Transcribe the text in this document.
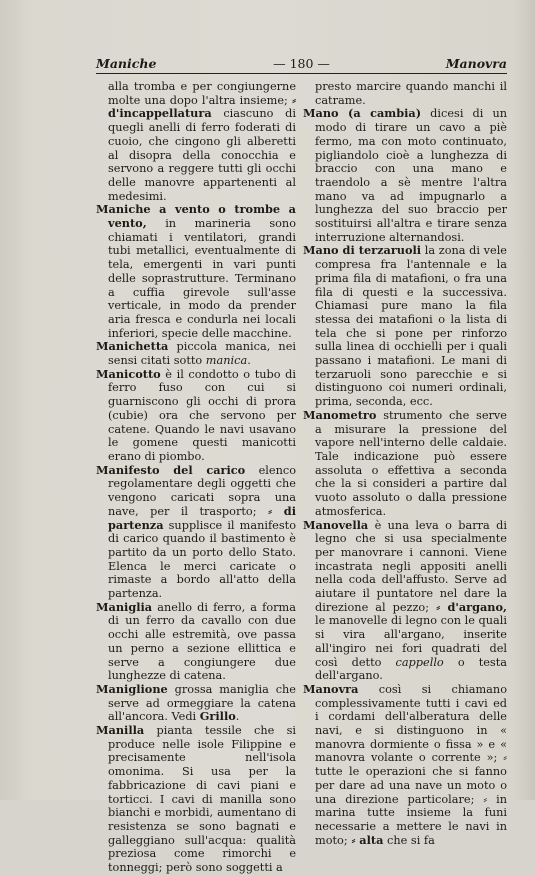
Maniche	— 180 —	Manovra

alla tromba e per congiungerne molte una dopo l'altra insieme; ⸗ d'incappellatura ciascuno di quegli anelli di ferro foderati di cuoio, che cingono gli alberetti al disopra della conocchia e servono a reggere tutti gli occhi delle manovre appartenenti al medesimi.

Maniche a vento o trombe a vento, in marineria sono chiamati i ventilatori, grandi tubi metallici, eventualmente di tela, emergenti in vari punti delle soprastrutture. Terminano a cuffia girevole sull'asse verticale, in modo da prender aria fresca e condurla nei locali inferiori, specie delle macchine.

Manichetta piccola manica, nei sensi citati sotto manica.

Manicotto è il condotto o tubo di ferro fuso con cui si guarniscono gli occhi di prora (cubie) ora che servono per catene. Quando le navi usavano le gomene questi manicotti erano di piombo.

Manifesto del carico elenco regolamentare degli oggetti che vengono caricati sopra una nave, per il trasporto; ⸗ di partenza supplisce il manifesto di carico quando il bastimento è partito da un porto dello Stato. Elenca le merci caricate o rimaste a bordo all'atto della partenza.

Maniglia anello di ferro, a forma di un ferro da cavallo con due occhi alle estremità, ove passa un perno a sezione ellittica e serve a congiungere due lunghezze di catena.

Maniglione grossa maniglia che serve ad ormeggiare la catena all'ancora. Vedi Grillo.

Manilla pianta tessile che si produce nelle isole Filippine e precisamente nell'isola omonima. Si usa per la fabbricazione di cavi piani e torticci. I cavi di manilla sono bianchi e morbidi, aumentano di resistenza se sono bagnati e galleggiano sull'acqua: qualità preziosa come rimorchi e tonneggi; però sono soggetti a

presto marcire quando manchi il catrame.

Mano (a cambia) dicesi di un modo di tirare un cavo a piè fermo, ma con moto continuato, pigliandolo cioè a lunghezza di braccio con una mano e traendolo a sè mentre l'altra mano va ad impugnarlo a lunghezza del suo braccio per sostituirsi all'altra e tirare senza interruzione alternandosi.

Mano di terzaruoli la zona di vele compresa fra l'antennale e la prima fila di matafioni, o fra una fila di questi e la successiva. Chiamasi pure mano la fila stessa dei matafioni o la lista di tela che si pone per rinforzo sulla linea di occhielli per i quali passano i matafioni. Le mani di terzaruoli sono parecchie e si distinguono coi numeri ordinali, prima, seconda, ecc.

Manometro strumento che serve a misurare la pressione del vapore nell'interno delle caldaie. Tale indicazione può essere assoluta o effettiva a seconda che la si consideri a partire dal vuoto assoluto o dalla pressione atmosferica.

Manovella è una leva o barra di legno che si usa specialmente per manovrare i cannoni. Viene incastrata negli appositi anelli nella coda dell'affusto. Serve ad aiutare il puntatore nel dare la direzione al pezzo; ⸗ d'argano, le manovelle di legno con le quali si vira all'argano, inserite all'ingiro nei fori quadrati del così detto cappello o testa dell'argano.

Manovra così si chiamano complessivamente tutti i cavi ed i cordami dell'alberatura delle navi, e si distinguono in « manovra dormiente o fissa » e « manovra volante o corrente »; ⸗ tutte le operazioni che si fanno per dare ad una nave un moto o una direzione particolare; ⸗ in marina tutte insieme la funi necessarie a mettere le navi in moto; ⸗ alta che si fa
